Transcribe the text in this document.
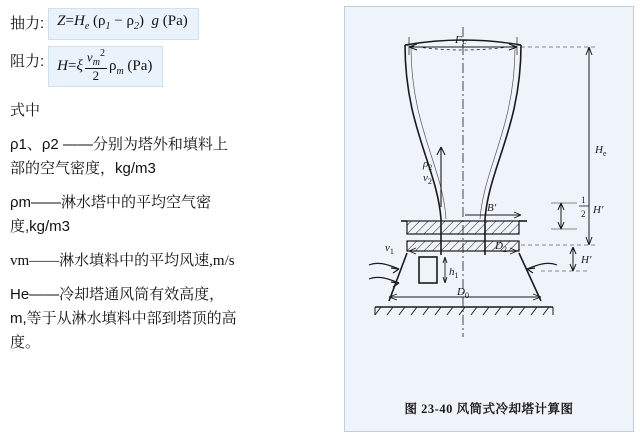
抽力: $Z=H_e$ $(\rho_1 - \rho_2)$ g (Pa)
阻力: $H=\xi \frac{v_m^2}{2} \rho_m$ (Pa)

式中

ρ1、ρ2 ——分别为塔外和填料上
部的空气密度，kg/m3

ρm——淋水塔中的平均空气密
度,kg/m3

vm——淋水填料中的平均风速,m/s

He——冷却塔通风筒有效高度，
m,等于从淋水填料中部到塔顶的高
度。

$F_F$
$H_e$
$\rho_2$
$v_2$
B′
1
2 H′
H′
$v_1$
$h_1$
$D_2$
$D_0$
图 23-40 风筒式冷却塔计算图
